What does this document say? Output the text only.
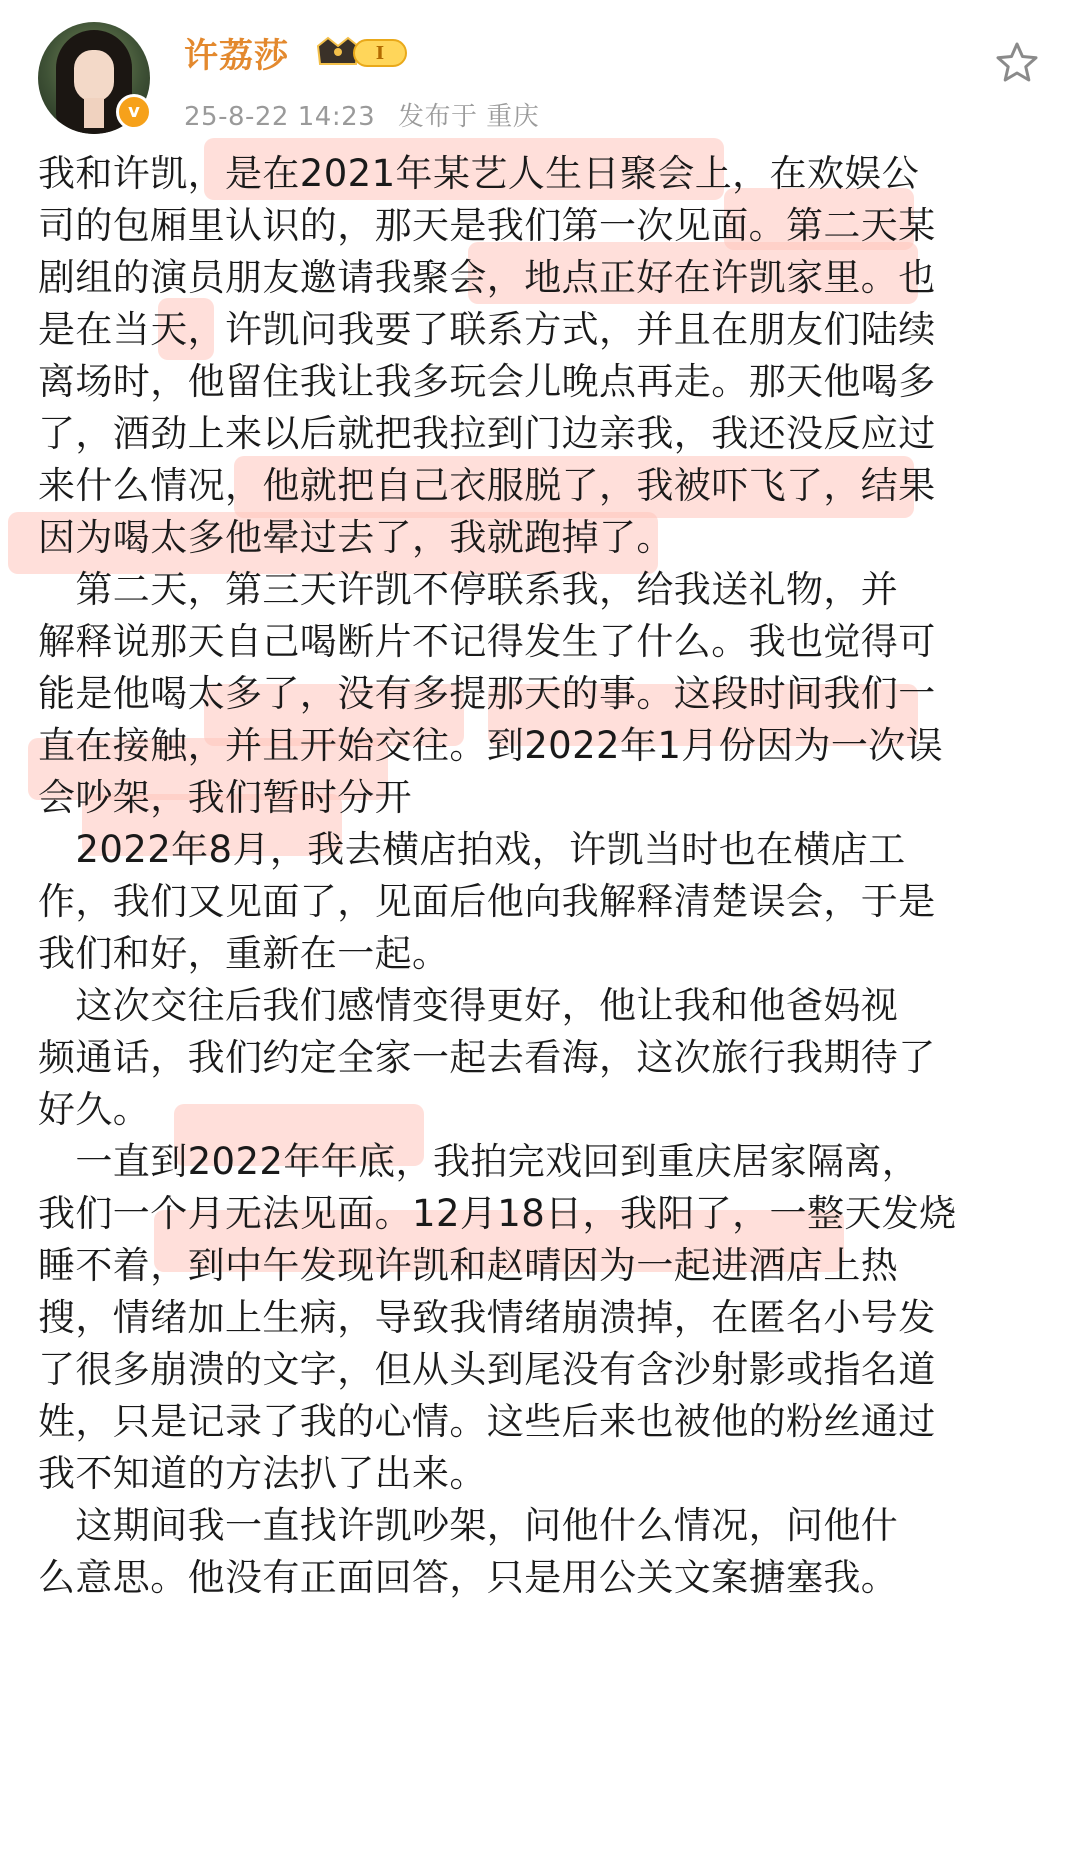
v
许荔莎	I
25-8-22 14:23 发布于 重庆
我和许凯，是在2021年某艺人生日聚会上，在欢娱公
司的包厢里认识的，那天是我们第一次见面。第二天某
剧组的演员朋友邀请我聚会，地点正好在许凯家里。也
是在当天，许凯问我要了联系方式，并且在朋友们陆续
离场时，他留住我让我多玩会儿晚点再走。那天他喝多
了，酒劲上来以后就把我拉到门边亲我，我还没反应过
来什么情况，他就把自己衣服脱了，我被吓飞了，结果
因为喝太多他晕过去了，我就跑掉了。
　第二天，第三天许凯不停联系我，给我送礼物，并
解释说那天自己喝断片不记得发生了什么。我也觉得可
能是他喝太多了，没有多提那天的事。这段时间我们一
直在接触，并且开始交往。到2022年1月份因为一次误
会吵架，我们暂时分开
　2022年8月，我去横店拍戏，许凯当时也在横店工
作，我们又见面了，见面后他向我解释清楚误会，于是
我们和好，重新在一起。
　这次交往后我们感情变得更好，他让我和他爸妈视
频通话，我们约定全家一起去看海，这次旅行我期待了
好久。
　一直到2022年年底，我拍完戏回到重庆居家隔离，
我们一个月无法见面。12月18日，我阳了，一整天发烧
睡不着，到中午发现许凯和赵晴因为一起进酒店上热
搜，情绪加上生病，导致我情绪崩溃掉，在匿名小号发
了很多崩溃的文字，但从头到尾没有含沙射影或指名道
姓，只是记录了我的心情。这些后来也被他的粉丝通过
我不知道的方法扒了出来。
　这期间我一直找许凯吵架，问他什么情况，问他什
么意思。他没有正面回答，只是用公关文案搪塞我。
